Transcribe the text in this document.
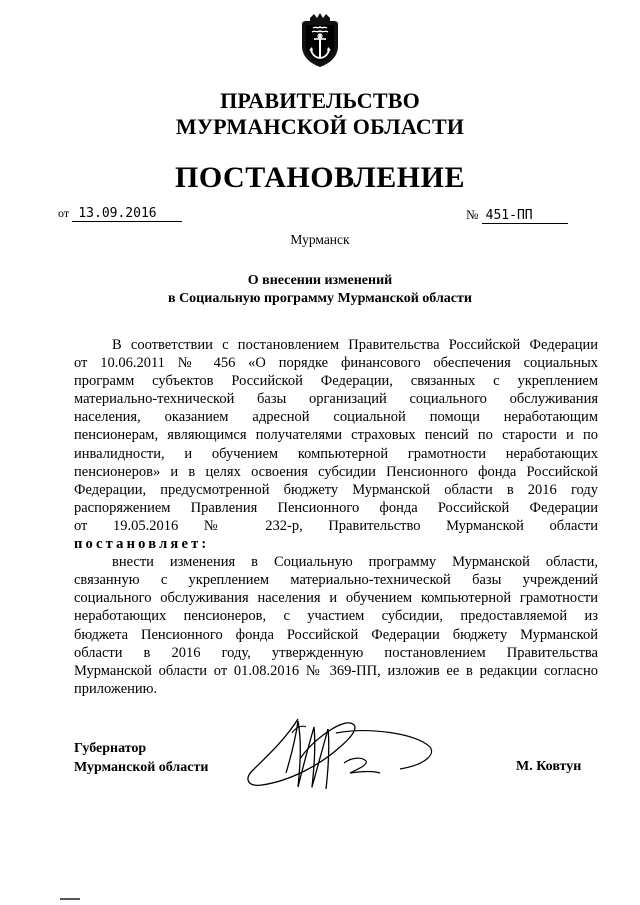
ПРАВИТЕЛЬСТВО
МУРМАНСКОЙ ОБЛАСТИ
ПОСТАНОВЛЕНИЕ
от 13.09.2016	№ 451-ПП
Мурманск
О внесении изменений
в Социальную программу Мурманской области
В соответствии с постановлением Правительства Российской Федерации
от 10.06.2011 № 456 «О порядке финансового обеспечения социальных
программ субъектов Российской Федерации, связанных с укреплением
материально-технической базы организаций социального обслуживания
населения, оказанием адресной социальной помощи неработающим
пенсионерам, являющимся получателями страховых пенсий по старости и по
инвалидности, и обучением компьютерной грамотности неработающих
пенсионеров» и в целях освоения субсидии Пенсионного фонда Российской
Федерации, предусмотренной бюджету Мурманской области в 2016 году
распоряжением Правления Пенсионного фонда Российской Федерации
от 19.05.2016 № 232-р, Правительство Мурманской области
постановляет:
внести изменения в Социальную программу Мурманской области,
связанную с укреплением материально-технической базы учреждений
социального обслуживания населения и обучением компьютерной грамотности
неработающих пенсионеров, с участием субсидии, предоставляемой из
бюджета Пенсионного фонда Российской Федерации бюджету Мурманской
области в 2016 году, утвержденную постановлением Правительства
Мурманской области от 01.08.2016 № 369-ПП, изложив ее в редакции согласно
приложению.
Губернатор
Мурманской области	М. Ковтун
